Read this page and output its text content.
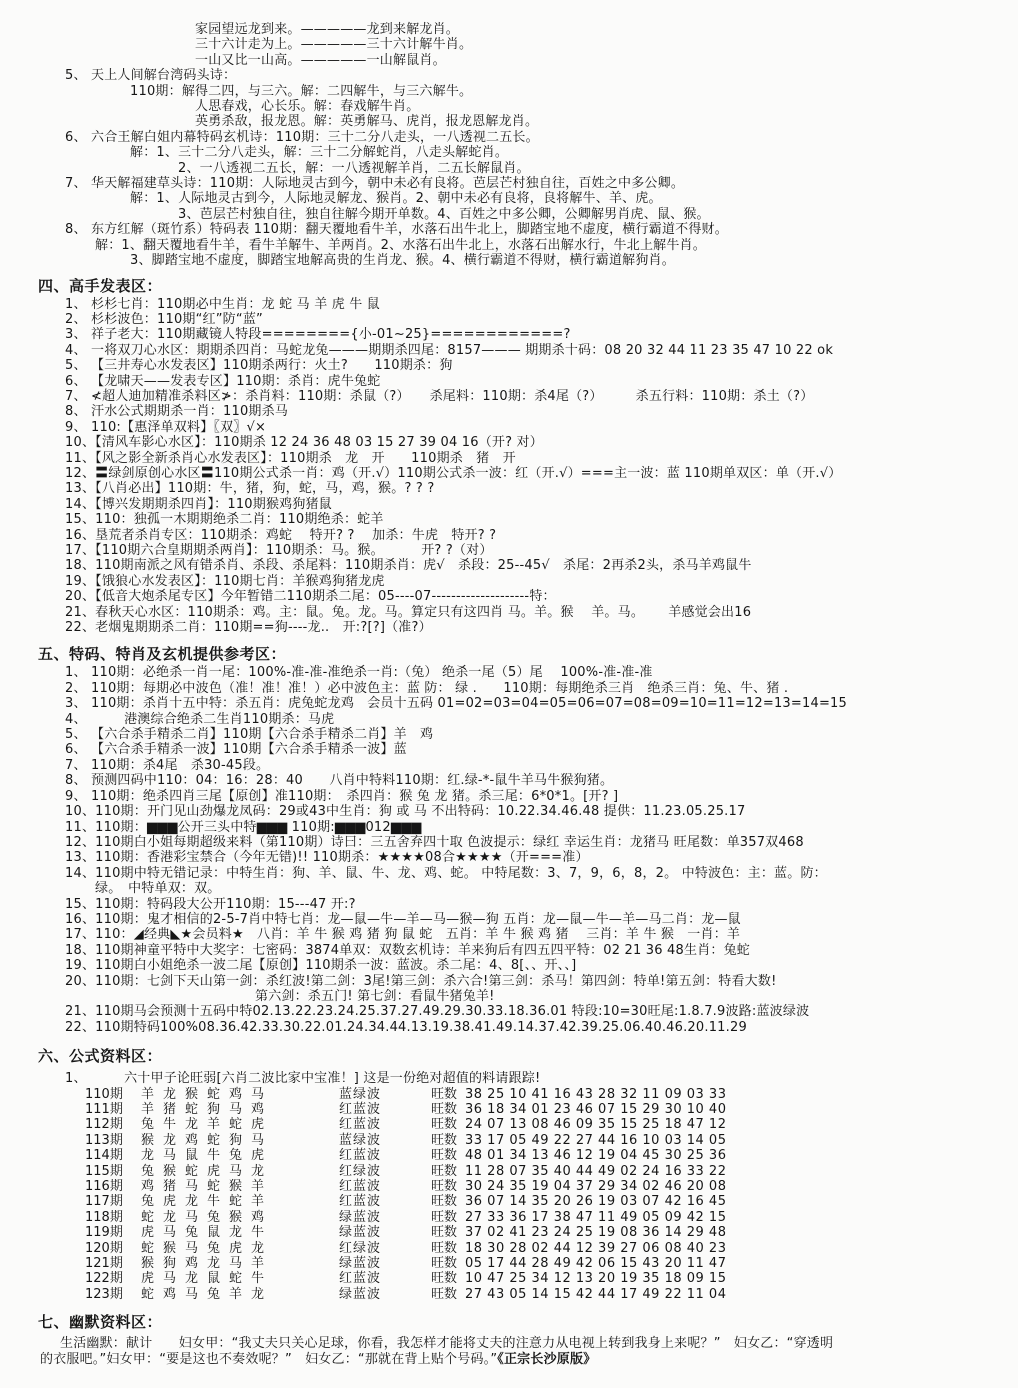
家园望远龙到来。—————龙到来解龙肖。
三十六计走为上。—————三十六计解牛肖。
一山又比一山高。—————一山解鼠肖。
5、 天上人间解台湾码头诗：
110期：解得二四，与三六。解：二四解牛，与三六解牛。
人思春戏，心长乐。解：春戏解牛肖。
英勇杀敌，报龙恩。解：英勇解马、虎肖，报龙恩解龙肖。
6、 六合王解白姐内幕特码玄机诗：110期：三十二分八走头，一八透视二五长。
解：1、三十二分八走头，解：三十二分解蛇肖，八走头解蛇肖。
2、一八透视二五长，解：一八透视解羊肖，二五长解鼠肖。
7、 华天解福建草头诗：110期：人际地灵古到今，朝中未必有良将。芭层芒村独自往，百姓之中多公卿。
解：1、人际地灵古到今，人际地灵解龙、猴肖。2、朝中未必有良将，良将解牛、羊、虎。
3、芭层芒村独自往，独自往解今期开单数。4、百姓之中多公卿，公卿解男肖虎、鼠、猴。
8、 东方红解（斑竹系）特码表 110期：翻天覆地看牛羊，水落石出牛北上，脚踏宝地不虚度，横行霸道不得财。
解：1、翻天覆地看牛羊，看牛羊解牛、羊两肖。2、水落石出牛北上，水落石出解水行，牛北上解牛肖。
3、脚踏宝地不虚度，脚踏宝地解高贵的生肖龙、猴。4、横行霸道不得财，横行霸道解狗肖。
四、高手发表区：
1、 杉杉七肖：110期必中生肖：龙 蛇 马 羊 虎 牛 鼠
2、 杉杉波色：110期“红”防“蓝”
3、 祥子老大：110期藏镜人特段========{小-01~25}============?
4、 一将双刀心水区：期期杀四肖：马蛇龙兔———期期杀四尾：8157——— 期期杀十码：08 20 32 44 11 23 35 47 10 22 ok
5、 【三井寿心水发表区】110期杀两行：火土?　　110期杀：狗
6、 【龙啸天——发表专区】110期：杀肖：虎牛兔蛇
7、 ≮超人迪加精准杀料区≯：杀肖料：110期：杀鼠（?）　　杀尾料：110期：杀4尾（?）　　　杀五行料：110期：杀土（?）
8、 汗水公式期期杀一肖：110期杀马
9、 110:【惠泽单双料】〖双〗√×
10、【清风车影心水区】：110期杀 12 24 36 48 03 15 27 39 04 16（开? 对）
11、【风之影全新杀肖心水发表区】：110期杀　龙　开　　110期杀　猪　开
12、〓绿剑原创心水区〓110期公式杀一肖：鸡（开.√）110期公式杀一波：红（开.√）===主一波：蓝 110期单双区：单（开.√）
13、【八肖必出】110期：牛，猪，狗，蛇，马，鸡，猴。? ? ?
14、【博兴发期期杀四肖】：110期猴鸡狗猪鼠
15、110：独孤一木期期绝杀二肖：110期绝杀：蛇羊
16、垦荒者杀肖专区：110期杀：鸡蛇　 特开? ?　 加杀：牛虎　特开? ?
17、【110期六合皇期期杀两肖】：110期杀：马。猴。　　　 开? ?（对）
18、110期南派之风有错杀肖、杀段、杀尾料：110期杀肖：虎√　杀段：25--45√　杀尾：2再杀2头，杀马羊鸡鼠牛
19、【饿狼心水发表区】：110期七肖：羊猴鸡狗猪龙虎
20、【低音大炮杀尾专区】今年暂错二110期杀二尾：05----07--------------------特：
21、春秋天心水区：110期杀：鸡。主：鼠。兔。龙。马。算定只有这四肖 马。羊。猴　 羊。马。　　 羊感觉会出16
22、老烟鬼期期杀二肖：110期==狗----龙..　开:?[?]（准?）
五、特码、特肖及玄机提供参考区：
1、 110期：必绝杀一肖一尾：100%-准-准-准绝杀一肖:（兔） 绝杀一尾（5）尾　 100%-准-准-准
2、 110期：每期必中波色（准！准！准！）必中波色主：蓝 防： 绿 .　　110期：每期绝杀三肖　绝杀三肖：兔、牛、猪 .
3、 110期：杀肖十五中特：杀五肖：虎兔蛇龙鸡　会员十五码 01=02=03=04=05=06=07=08=09=10=11=12=13=14=15
4、　　　 港澳综合绝杀二生肖110期杀：马虎
5、 【六合杀手精杀二肖】110期【六合杀手精杀二肖】羊　鸡
6、 【六合杀手精杀一波】110期【六合杀手精杀一波】蓝
7、 110期：杀4尾　杀30-45段。
8、 预测四码中110：04：16：28：40　　八肖中特料110期：红.绿-*-鼠牛羊马牛猴狗猪。
9、 110期：绝杀四肖三尾【原创】准110期：　杀四肖：猴 兔 龙 猪。杀三尾：6*0*1。[开? ]
10、110期：开门见山劲爆龙凤码：29或43中生肖：狗 或 马 不出特码：10.22.34.46.48 提供：11.23.05.25.17
11、110期：▆▆▆公开三头中特▆▆▆ 110期:▆▆▆012▆▆▆
12、110期白小姐每期超级来料（第110期）诗曰：三五舍弃四十取 色波提示：绿红 幸运生肖：龙猪马 旺尾数：单357双468
13、110期：香港彩宝禁合（今年无错)!! 110期杀：★★★★08合★★★★（开===准）
14、110期中特无错记录：中特生肖：狗、羊、鼠、牛、龙、鸡、蛇。 中特尾数：3、7，9，6，8，2。 中特波色：主：蓝。防：
绿。　中特单双：双。
15、110期：特码段大公开110期：15---47 开:?
16、110期：鬼才相信的2-5-7肖中特七肖：龙—鼠—牛—羊—马—猴—狗 五肖：龙—鼠—牛—羊—马二肖：龙—鼠
17、110：◢经典◣★会员料★　八肖：羊 牛 猴 鸡 猪 狗 鼠 蛇　五肖：羊 牛 猴 鸡 猪　 三肖：羊 牛 猴　一肖：羊
18、110期神童平特中大奖字：七密码：3874单双：双数玄机诗：羊来狗后有四五四平特：02 21 36 48生肖：兔蛇
19、110期白小姐绝杀一波二尾【原创】110期杀一波：蓝波。杀二尾：4、8[、、开、、]
20、110期：七剑下天山第一剑：杀红波!第二剑：3尾!第三剑：杀六合!第三剑：杀马！第四剑：特单!第五剑：特看大数!
第六剑：杀五门! 第七剑：看鼠牛猪兔羊!
21、110期马会预测十五码中特02.13.22.23.24.25.37.27.49.29.30.33.18.36.01 特段:10=30旺尾:1.8.7.9波路:蓝波绿波
22、110期特码100%08.36.42.33.30.22.01.24.34.44.13.19.38.41.49.14.37.42.39.25.06.40.46.20.11.29
六、公式资料区：
1、　　　 六十甲子论旺弱[六肖二波比家中宝准！] 这是一份绝对超值的料请跟踪!
110期	羊龙猴蛇鸡马	蓝绿波	旺数 38 25 10 41 16 43 28 32 11 09 03 33
111期	羊猪蛇狗马鸡	红蓝波	旺数 36 18 34 01 23 46 07 15 29 30 10 40
112期	兔牛龙羊蛇虎	红蓝波	旺数 24 07 13 08 46 09 35 15 25 18 47 12
113期	猴龙鸡蛇狗马	蓝绿波	旺数 33 17 05 49 22 27 44 16 10 03 14 05
114期	龙马鼠牛兔虎	红蓝波	旺数 48 01 34 13 46 12 19 04 45 30 25 36
115期	兔猴蛇虎马龙	红绿波	旺数 11 28 07 35 40 44 49 02 24 16 33 22
116期	鸡猪马蛇猴羊	红蓝波	旺数 30 24 35 19 04 37 29 34 02 46 20 08
117期	兔虎龙牛蛇羊	红蓝波	旺数 36 07 14 35 20 26 19 03 07 42 16 45
118期	蛇龙马兔猴鸡	绿蓝波	旺数 27 33 36 17 38 47 11 49 05 09 42 15
119期	虎马兔鼠龙牛	绿蓝波	旺数 37 02 41 23 24 25 19 08 36 14 29 48
120期	蛇猴马兔虎龙	红绿波	旺数 18 30 28 02 44 12 39 27 06 08 40 23
121期	猴狗鸡龙马羊	绿蓝波	旺数 05 17 44 28 49 42 06 15 43 20 11 47
122期	虎马龙鼠蛇牛	红蓝波	旺数 10 47 25 34 12 13 20 19 35 18 09 15
123期	蛇鸡马兔羊龙	绿蓝波	旺数 27 43 05 14 15 42 44 17 49 22 11 04
七、幽默资料区：
生活幽默：献计　　妇女甲：“我丈夫只关心足球，你看，我怎样才能将丈夫的注意力从电视上转到我身上来呢？”　妇女乙：“穿透明
的衣服吧。”妇女甲：“要是这也不奏效呢？”　妇女乙：“那就在背上贴个号码。”《正宗长沙原版》
